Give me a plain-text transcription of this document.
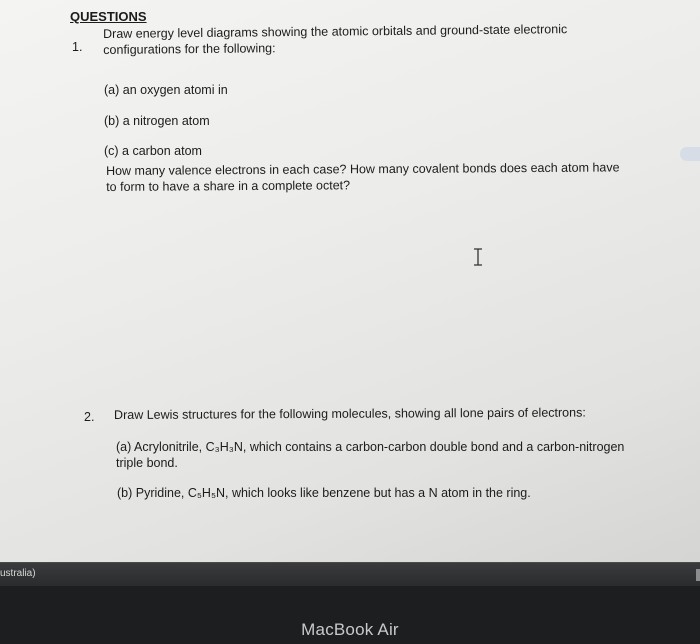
QUESTIONS
1.
Draw energy level diagrams showing the atomic orbitals and ground-state electronic
configurations for the following:
(a) an oxygen atomi in
(b) a nitrogen atom
(c) a carbon atom
How many valence electrons in each case? How many covalent bonds does each atom have
to form to have a share in a complete octet?
2. Draw Lewis structures for the following molecules, showing all lone pairs of electrons:
(a) Acrylonitrile, C₃H₃N, which contains a carbon-carbon double bond and a carbon-nitrogen
triple bond.
(b) Pyridine, C₅H₅N, which looks like benzene but has a N atom in the ring.
ustralia)
MacBook Air
